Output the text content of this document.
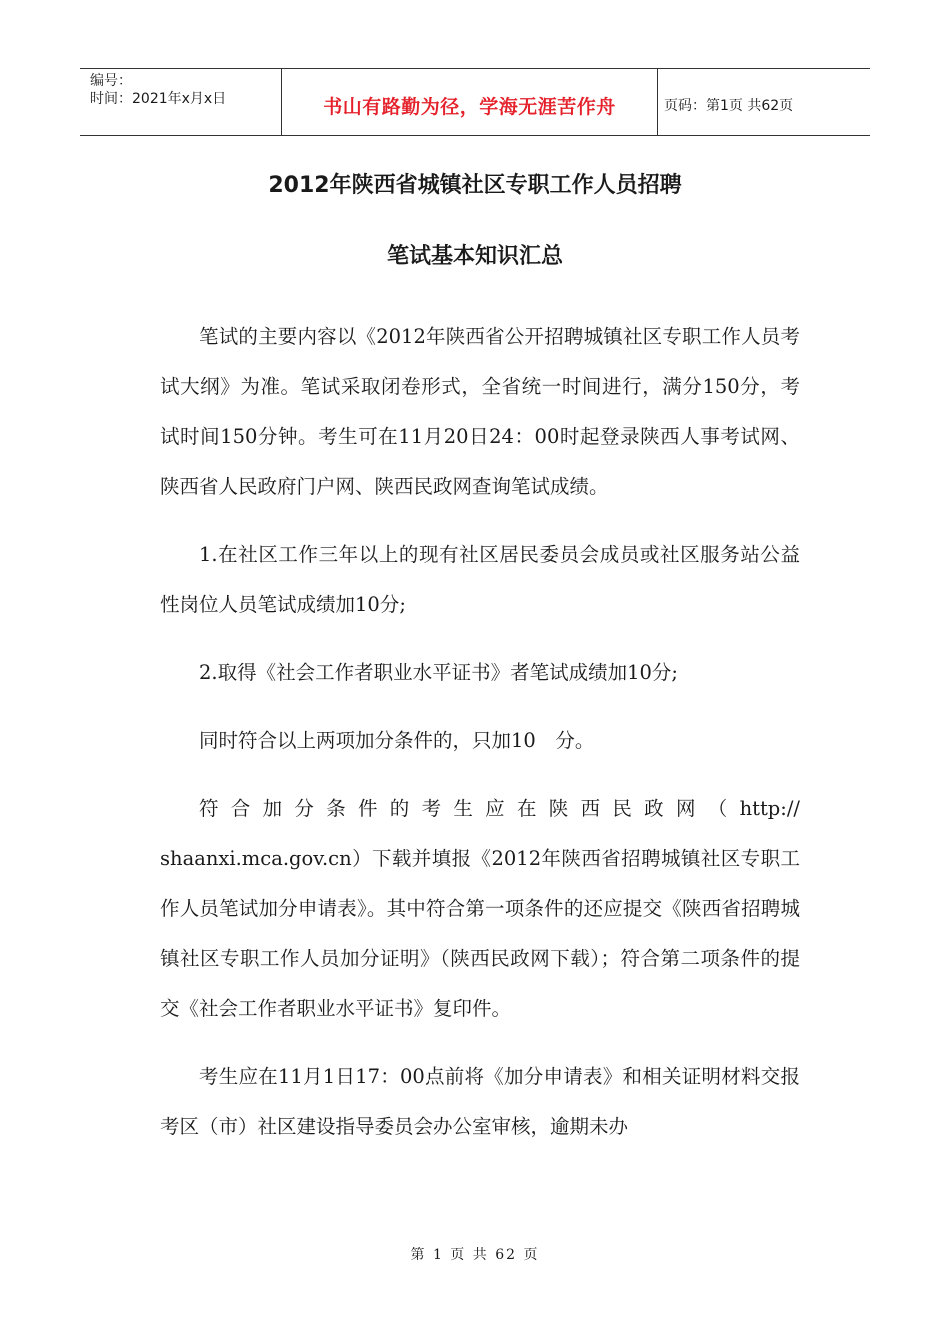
编号：
时间：2021年x月x日	书山有路勤为径，学海无涯苦作舟	页码：第1页 共62页
2012年陕西省城镇社区专职工作人员招聘
笔试基本知识汇总

笔试的主要内容以《2012年陕西省公开招聘城镇社区专职工作人员考试大纲》为准。笔试采取闭卷形式，全省统一时间进行，满分150分，考试时间150分钟。考生可在11月20日24：00时起登录陕西人事考试网、陕西省人民政府门户网、陕西民政网查询笔试成绩。

1.在社区工作三年以上的现有社区居民委员会成员或社区服务站公益性岗位人员笔试成绩加10分;

2.取得《社会工作者职业水平证书》者笔试成绩加10分;

同时符合以上两项加分条件的，只加10　分。

符合加分条件的考生应在陕西民政网（http://　shaanxi.mca.gov.cn）下载并填报《2012年陕西省招聘城镇社区专职工作人员笔试加分申请表》。其中符合第一项条件的还应提交《陕西省招聘城镇社区专职工作人员加分证明》（陕西民政网下载）；符合第二项条件的提交《社会工作者职业水平证书》复印件。

考生应在11月1日17：00点前将《加分申请表》和相关证明材料交报考区（市）社区建设指导委员会办公室审核，逾期未办

第 1 页 共 62 页
